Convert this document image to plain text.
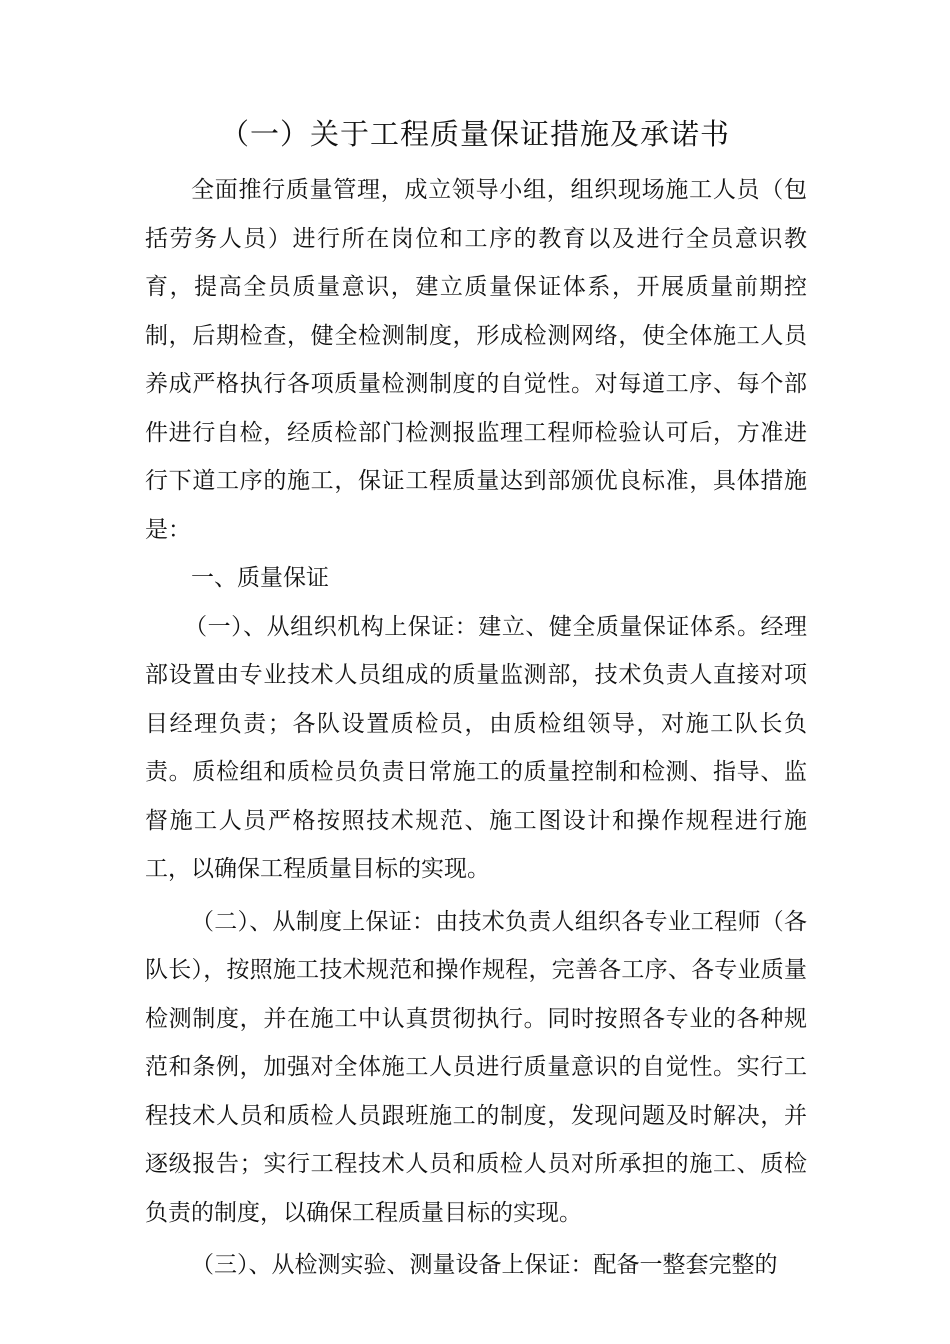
（一）关于工程质量保证措施及承诺书

全面推行质量管理，成立领导小组，组织现场施工人员（包括劳务人员）进行所在岗位和工序的教育以及进行全员意识教育，提高全员质量意识，建立质量保证体系，开展质量前期控制，后期检查，健全检测制度，形成检测网络，使全体施工人员养成严格执行各项质量检测制度的自觉性。对每道工序、每个部件进行自检，经质检部门检测报监理工程师检验认可后，方准进行下道工序的施工，保证工程质量达到部颁优良标准，具体措施是：

一、质量保证

（一）、从组织机构上保证：建立、健全质量保证体系。经理部设置由专业技术人员组成的质量监测部，技术负责人直接对项目经理负责；各队设置质检员，由质检组领导，对施工队长负责。质检组和质检员负责日常施工的质量控制和检测、指导、监督施工人员严格按照技术规范、施工图设计和操作规程进行施工，以确保工程质量目标的实现。

（二）、从制度上保证：由技术负责人组织各专业工程师（各队长），按照施工技术规范和操作规程，完善各工序、各专业质量检测制度，并在施工中认真贯彻执行。同时按照各专业的各种规范和条例，加强对全体施工人员进行质量意识的自觉性。实行工程技术人员和质检人员跟班施工的制度，发现问题及时解决，并逐级报告；实行工程技术人员和质检人员对所承担的施工、质检负责的制度，以确保工程质量目标的实现。

（三）、从检测实验、测量设备上保证：配备一整套完整的
